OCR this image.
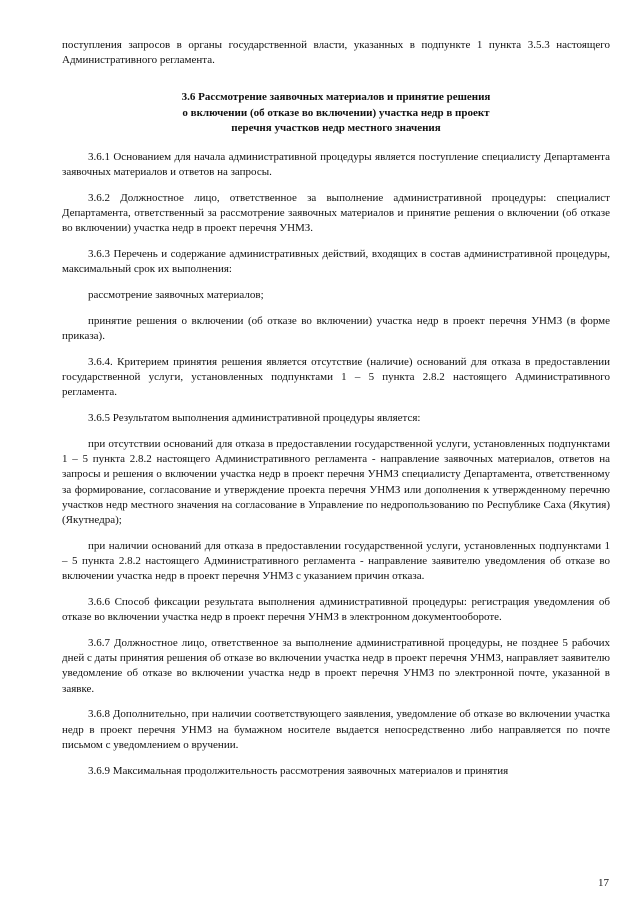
поступления запросов в органы государственной власти, указанных в подпункте 1 пункта 3.5.3 настоящего Административного регламента.

3.6 Рассмотрение заявочных материалов и принятие решения
о включении (об отказе во включении) участка недр в проект
перечня участков недр местного значения

3.6.1 Основанием для начала административной процедуры является поступление специалисту Департамента заявочных материалов и ответов на запросы.

3.6.2 Должностное лицо, ответственное за выполнение административной процедуры: специалист Департамента, ответственный за рассмотрение заявочных материалов и принятие решения о включении (об отказе во включении) участка недр в проект перечня УНМЗ.

3.6.3 Перечень и содержание административных действий, входящих в состав административной процедуры, максимальный срок их выполнения:

рассмотрение заявочных материалов;

принятие решения о включении (об отказе во включении) участка недр в проект перечня УНМЗ (в форме приказа).

3.6.4. Критерием принятия решения является отсутствие (наличие) оснований для отказа в предоставлении государственной услуги, установленных подпунктами 1 – 5 пункта 2.8.2 настоящего Административного регламента.

3.6.5 Результатом выполнения административной процедуры является:

при отсутствии оснований для отказа в предоставлении государственной услуги, установленных подпунктами 1 – 5 пункта 2.8.2 настоящего Административного регламента - направление заявочных материалов, ответов на запросы и решения о включении участка недр в проект перечня УНМЗ специалисту Департамента, ответственному за формирование, согласование и утверждение проекта перечня УНМЗ или дополнения к утвержденному перечню участков недр местного значения на согласование в Управление по недропользованию по Республике Саха (Якутия) (Якутнедра);

при наличии оснований для отказа в предоставлении государственной услуги, установленных подпунктами 1 – 5 пункта 2.8.2 настоящего Административного регламента - направление заявителю уведомления об отказе во включении участка недр в проект перечня УНМЗ с указанием причин отказа.

3.6.6 Способ фиксации результата выполнения административной процедуры: регистрация уведомления об отказе во включении участка недр в проект перечня УНМЗ в электронном документообороте.

3.6.7 Должностное лицо, ответственное за выполнение административной процедуры, не позднее 5 рабочих дней с даты принятия решения об отказе во включении участка недр в проект перечня УНМЗ, направляет заявителю уведомление об отказе во включении участка недр в проект перечня УНМЗ по электронной почте, указанной в заявке.

3.6.8 Дополнительно, при наличии соответствующего заявления, уведомление об отказе во включении участка недр в проект перечня УНМЗ на бумажном носителе выдается непосредственно либо направляется по почте письмом с уведомлением о вручении.

3.6.9 Максимальная продолжительность рассмотрения заявочных материалов и принятия

17
